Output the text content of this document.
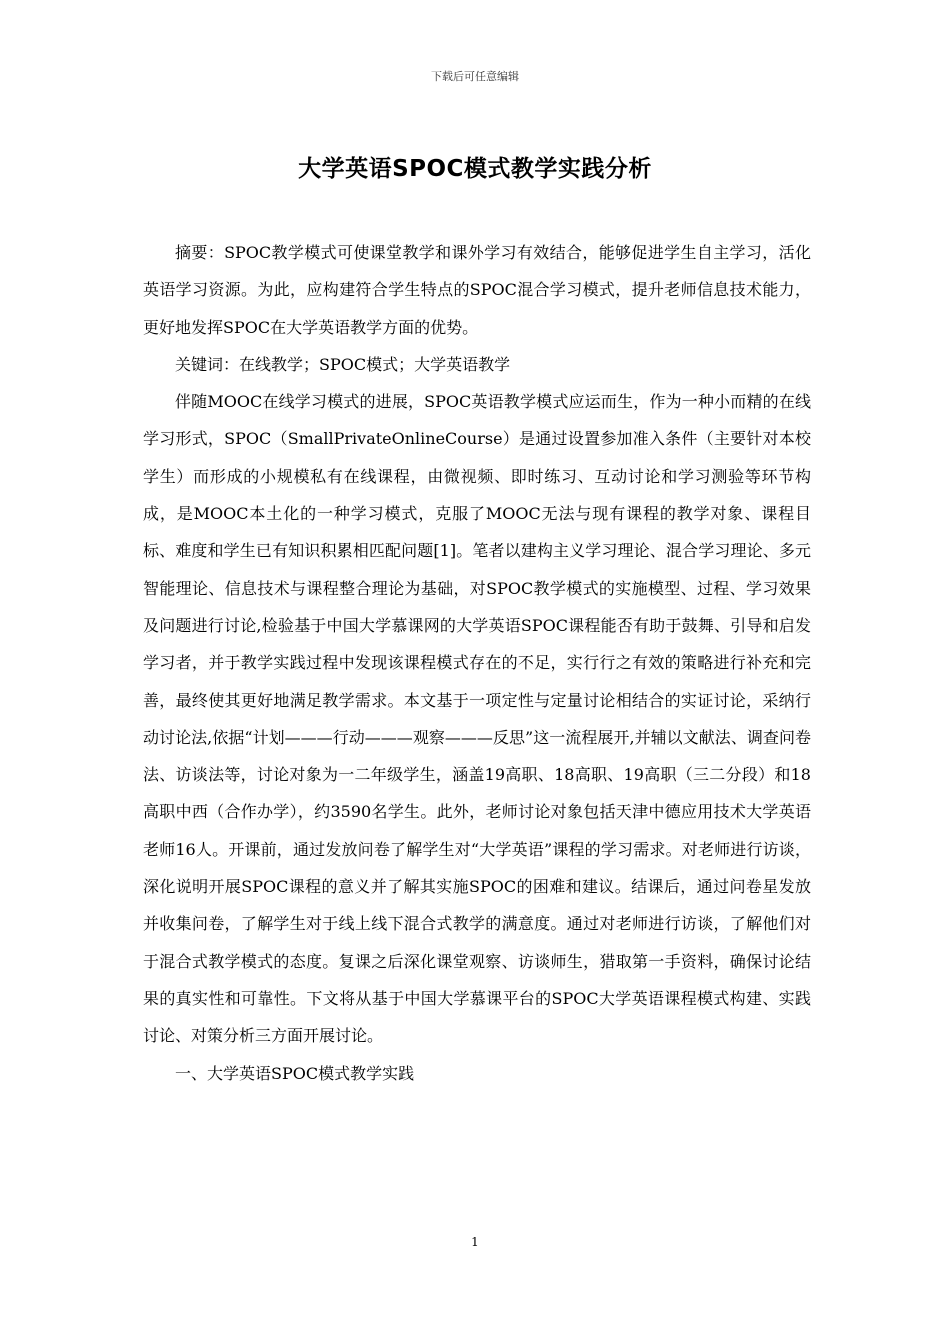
下载后可任意编辑
大学英语SPOC模式教学实践分析

摘要：SPOC教学模式可使课堂教学和课外学习有效结合，能够促进学生自主学习，活化英语学习资源。为此，应构建符合学生特点的SPOC混合学习模式，提升老师信息技术能力，更好地发挥SPOC在大学英语教学方面的优势。

关键词：在线教学；SPOC模式；大学英语教学

伴随MOOC在线学习模式的进展，SPOC英语教学模式应运而生，作为一种小而精的在线学习形式，SPOC（SmallPrivateOnlineCourse）是通过设置参加准入条件（主要针对本校学生）而形成的小规模私有在线课程，由微视频、即时练习、互动讨论和学习测验等环节构成，是MOOC本土化的一种学习模式，克服了MOOC无法与现有课程的教学对象、课程目标、难度和学生已有知识积累相匹配问题[1]。笔者以建构主义学习理论、混合学习理论、多元智能理论、信息技术与课程整合理论为基础，对SPOC教学模式的实施模型、过程、学习效果及问题进行讨论,检验基于中国大学慕课网的大学英语SPOC课程能否有助于鼓舞、引导和启发学习者，并于教学实践过程中发现该课程模式存在的不足，实行行之有效的策略进行补充和完善，最终使其更好地满足教学需求。本文基于一项定性与定量讨论相结合的实证讨论，采纳行动讨论法,依据“计划———行动———观察———反思”这一流程展开,并辅以文献法、调查问卷法、访谈法等，讨论对象为一二年级学生，涵盖19高职、18高职、19高职（三二分段）和18高职中西（合作办学），约3590名学生。此外，老师讨论对象包括天津中德应用技术大学英语老师16人。开课前，通过发放问卷了解学生对“大学英语”课程的学习需求。对老师进行访谈，深化说明开展SPOC课程的意义并了解其实施SPOC的困难和建议。结课后，通过问卷星发放并收集问卷，了解学生对于线上线下混合式教学的满意度。通过对老师进行访谈，了解他们对于混合式教学模式的态度。复课之后深化课堂观察、访谈师生，猎取第一手资料，确保讨论结果的真实性和可靠性。下文将从基于中国大学慕课平台的SPOC大学英语课程模式构建、实践讨论、对策分析三方面开展讨论。

一、大学英语SPOC模式教学实践

1
